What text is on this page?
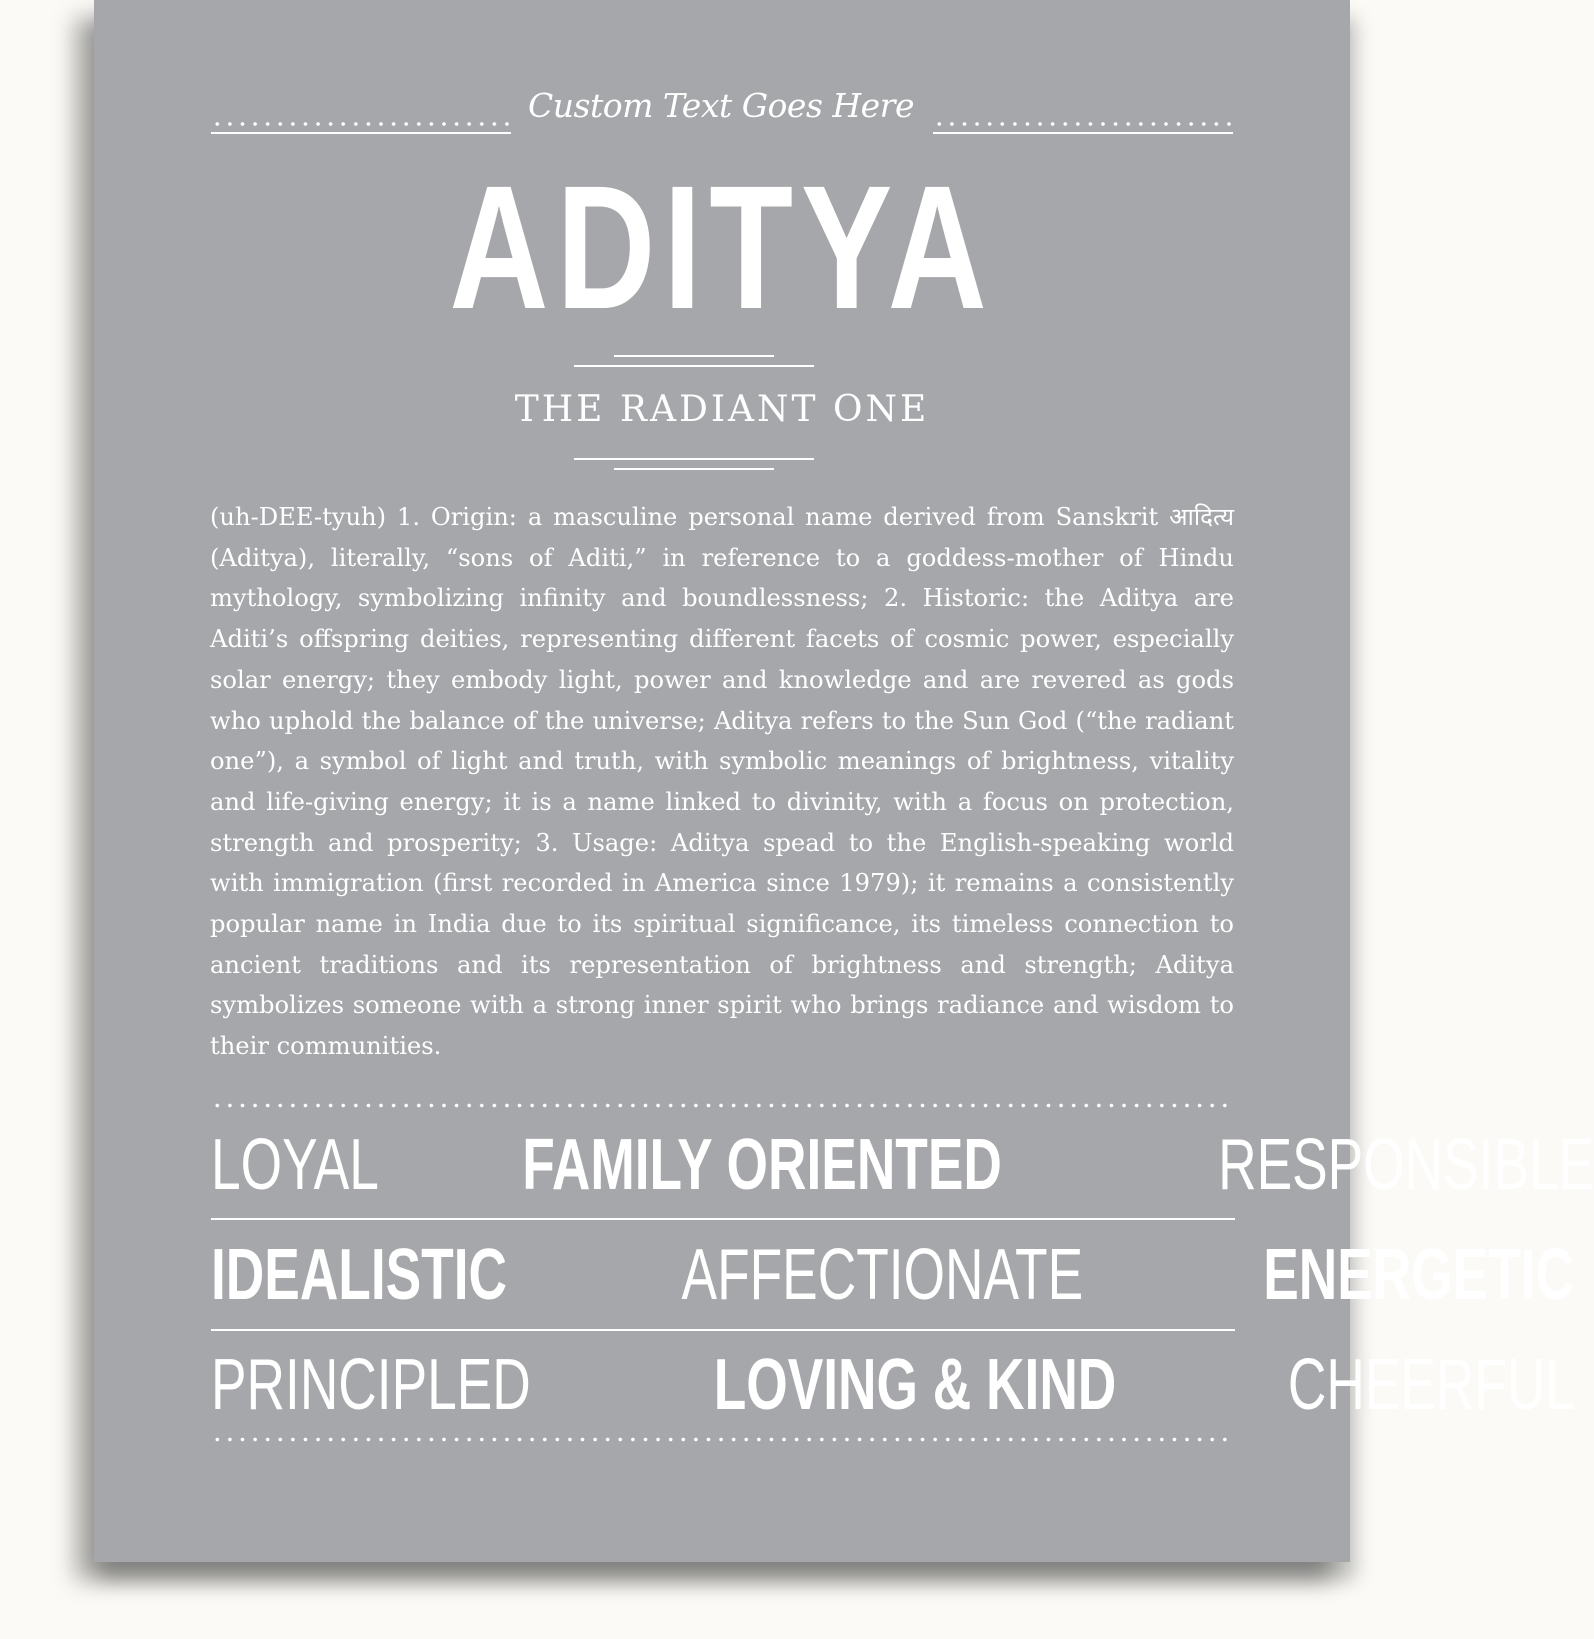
Custom Text Goes Here
ADITYA
THE RADIANT ONE
(uh-DEE-tyuh) 1. Origin: a masculine personal name derived from Sanskrit आदित्य (Aditya), literally, “sons of Aditi,” in reference to a goddess-mother of Hindu mythology, symbolizing infinity and boundlessness; 2. Historic: the Aditya are Aditi’s offspring deities, representing different facets of cosmic power, especially solar energy; they embody light, power and knowledge and are revered as gods who uphold the balance of the universe; Aditya refers to the Sun God (“the radiant one”), a symbol of light and truth, with symbolic meanings of brightness, vitality and life-giving energy; it is a name linked to divinity, with a focus on protection, strength and prosperity; 3. Usage: Aditya spead to the English-speaking world with immigration (first recorded in America since 1979); it remains a consistently popular name in India due to its spiritual significance, its timeless connection to ancient traditions and its representation of brightness and strength; Aditya symbolizes someone with a strong inner spirit who brings radiance and wisdom to their communities.
LOYAL FAMILY ORIENTED	RESPONSIBLE
IDEALISTIC AFFECTIONATE ENERGETIC
PRINCIPLED	LOVING & KIND CHEERFUL
